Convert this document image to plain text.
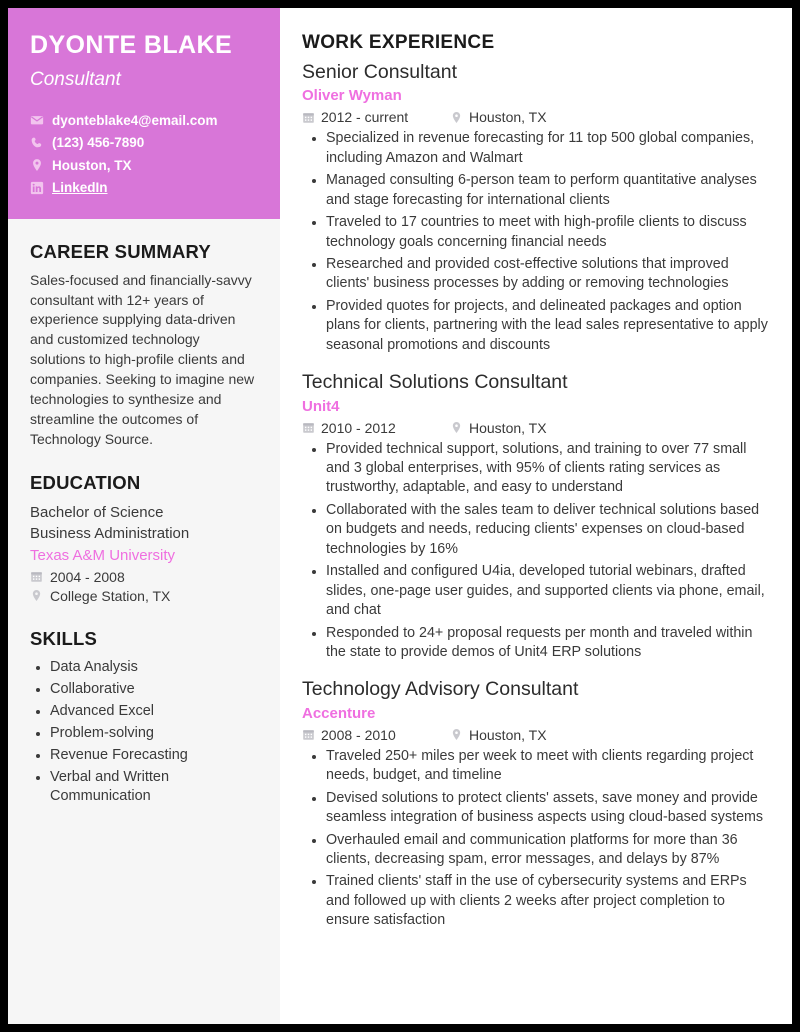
DYONTE BLAKE
Consultant
dyonteblake4@email.com
(123) 456-7890
Houston, TX
LinkedIn
CAREER SUMMARY

Sales-focused and financially-savvy consultant with 12+ years of experience supplying data-driven and customized technology solutions to high-profile clients and companies. Seeking to imagine new technologies to synthesize and streamline the outcomes of Technology Source.

EDUCATION
Bachelor of Science
Business Administration
Texas A&M University
2004 - 2008
College Station, TX
SKILLS
Data Analysis
Collaborative
Advanced Excel
Problem-solving
Revenue Forecasting
Verbal and Written Communication
WORK EXPERIENCE
Senior Consultant
Oliver Wyman
2012 - current	Houston, TX
Specialized in revenue forecasting for 11 top 500 global companies, including Amazon and Walmart
Managed consulting 6-person team to perform quantitative analyses and stage forecasting for international clients
Traveled to 17 countries to meet with high-profile clients to discuss technology goals concerning financial needs
Researched and provided cost-effective solutions that improved clients' business processes by adding or removing technologies
Provided quotes for projects, and delineated packages and option plans for clients, partnering with the lead sales representative to apply seasonal promotions and discounts
Technical Solutions Consultant
Unit4
2010 - 2012	Houston, TX
Provided technical support, solutions, and training to over 77 small and 3 global enterprises, with 95% of clients rating services as trustworthy, adaptable, and easy to understand
Collaborated with the sales team to deliver technical solutions based on budgets and needs, reducing clients' expenses on cloud-based technologies by 16%
Installed and configured U4ia, developed tutorial webinars, drafted slides, one-page user guides, and supported clients via phone, email, and chat
Responded to 24+ proposal requests per month and traveled within the state to provide demos of Unit4 ERP solutions
Technology Advisory Consultant
Accenture
2008 - 2010	Houston, TX
Traveled 250+ miles per week to meet with clients regarding project needs, budget, and timeline
Devised solutions to protect clients' assets, save money and provide seamless integration of business aspects using cloud-based systems
Overhauled email and communication platforms for more than 36 clients, decreasing spam, error messages, and delays by 87%
Trained clients' staff in the use of cybersecurity systems and ERPs and followed up with clients 2 weeks after project completion to ensure satisfaction
